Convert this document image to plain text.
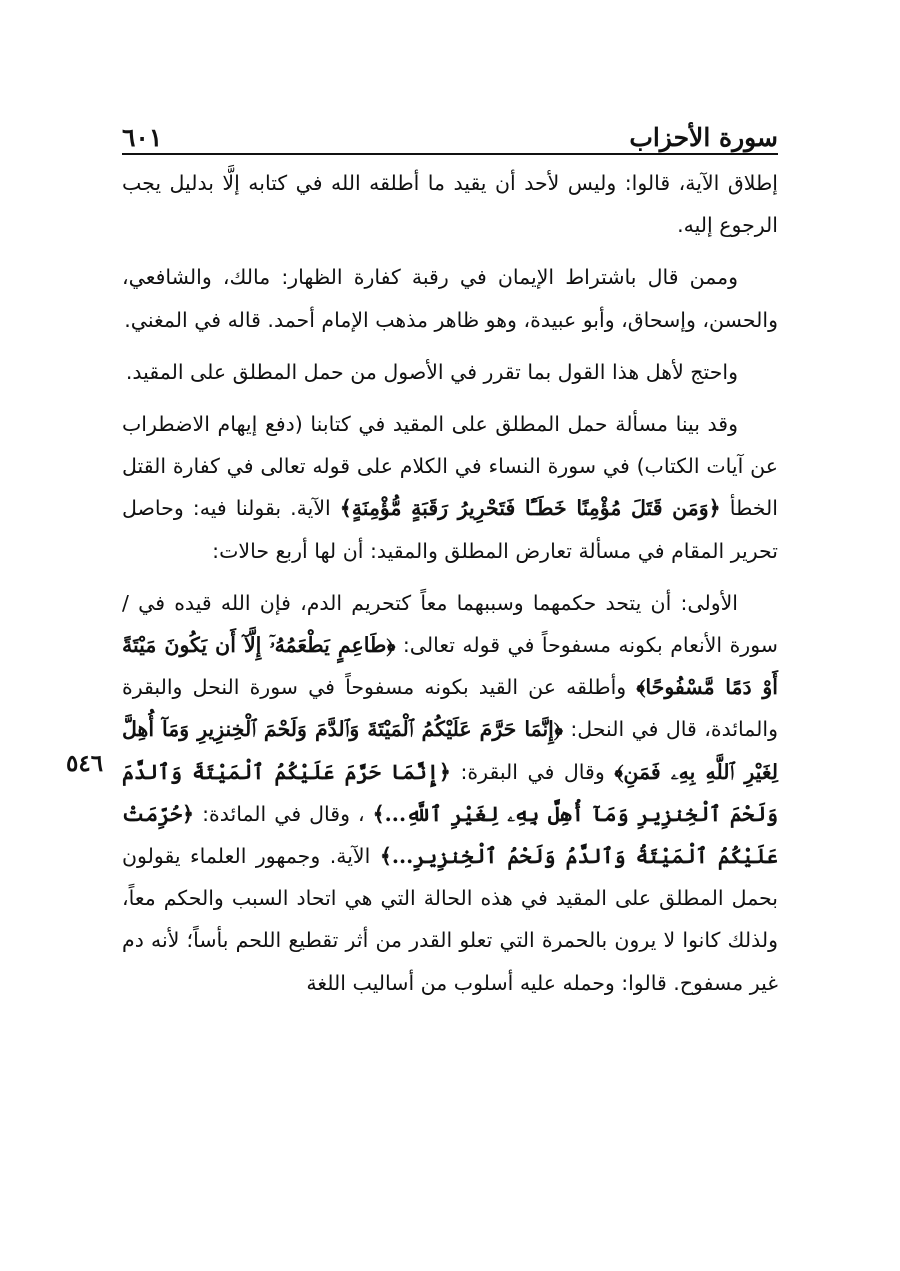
سورة الأحزاب
٦٠١
٥٤٦

إطلاق الآية، قالوا: وليس لأحد أن يقيد ما أطلقه الله في كتابه إلَّا بدليل يجب الرجوع إليه.

وممن قال باشتراط الإيمان في رقبة كفارة الظهار: مالك، والشافعي، والحسن، وإسحاق، وأبو عبيدة، وهو ظاهر مذهب الإمام أحمد. قاله في المغني.

واحتج لأهل هذا القول بما تقرر في الأصول من حمل المطلق على المقيد.

وقد بينا مسألة حمل المطلق على المقيد في كتابنا (دفع إيهام الاضطراب عن آيات الكتاب) في سورة النساء في الكلام على قوله تعالى في كفارة القتل الخطأ ﴿وَمَن قَتَلَ مُؤْمِنًا خَطَـًٔا فَتَحْرِيرُ رَقَبَةٍ مُّؤْمِنَةٍ﴾ الآية. بقولنا فيه: وحاصل تحرير المقام في مسألة تعارض المطلق والمقيد: أن لها أربع حالات:

الأولى: أن يتحد حكمهما وسببهما معاً كتحريم الدم، فإن الله قيده في /سورة الأنعام بكونه مسفوحاً في قوله تعالى: ﴿طَاعِمٍ يَطْعَمُهُۥٓ إِلَّآ أَن يَكُونَ مَيْتَةً أَوْ دَمًا مَّسْفُوحًا﴾ وأطلقه عن القيد بكونه مسفوحاً في سورة النحل والبقرة والمائدة، قال في النحل: ﴿إِنَّمَا حَرَّمَ عَلَيْكُمُ ٱلْمَيْتَةَ وَٱلدَّمَ وَلَحْمَ ٱلْخِنزِيرِ وَمَآ أُهِلَّ لِغَيْرِ ٱللَّهِ بِهِۦ فَمَنِ﴾ وقال في البقرة: ﴿إِنَّمَا حَرَّمَ عَلَيْكُمُ ٱلْمَيْتَةَ وَٱلدَّمَ وَلَحْمَ ٱلْخِنزِيرِ وَمَآ أُهِلَّ بِهِۦ لِغَيْرِ ٱللَّهِ...﴾ ، وقال في المائدة: ﴿حُرِّمَتْ عَلَيْكُمُ ٱلْمَيْتَةُ وَٱلدَّمُ وَلَحْمُ ٱلْخِنزِيرِ...﴾ الآية. وجمهور العلماء يقولون بحمل المطلق على المقيد في هذه الحالة التي هي اتحاد السبب والحكم معاً، ولذلك كانوا لا يرون بالحمرة التي تعلو القدر من أثر تقطيع اللحم بأساً؛ لأنه دم غير مسفوح. قالوا: وحمله عليه أسلوب من أساليب اللغة
